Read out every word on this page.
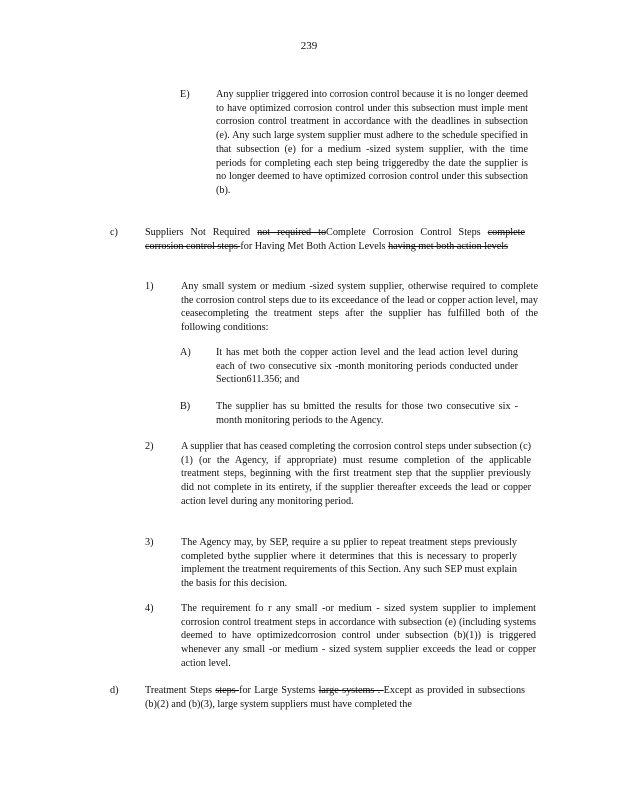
239
E)	Any supplier triggered into corrosion control because it is no longer deemed to have optimized corrosion control under this subsection must imple ment corrosion control treatment in accordance with the deadlines in subsection (e). Any such large system supplier must adhere to the schedule specified in that subsection (e) for a medium -sized system supplier, with the time periods for completing each step being triggeredby the date the supplier is no longer deemed to have optimized corrosion control under this subsection (b).
c)	Suppliers Not Required not required toComplete Corrosion Control Steps complete corrosion control steps for Having Met Both Action Levels having met both action levels
1)	Any small system or medium -sized system supplier, otherwise required to complete the corrosion control steps due to its exceedance of the lead or copper action level, may ceasecompleting the treatment steps after the supplier has fulfilled both of the following conditions:
A) It has met both the copper action level and the lead action level during each of two consecutive six -month monitoring periods conducted under Section611.356; and
B)	The supplier has su bmitted the results for those two consecutive six -month monitoring periods to the Agency.
2)	A supplier that has ceased completing the corrosion control steps under subsection (c)(1) (or the Agency, if appropriate) must resume completion of the applicable treatment steps, beginning with the first treatment step that the supplier previously did not complete in its entirety, if the supplier thereafter exceeds the lead or copper action level during any monitoring period.
3)	The Agency may, by SEP, require a su pplier to repeat treatment steps previously completed bythe supplier where it determines that this is necessary to properly implement the treatment requirements of this Section. Any such SEP must explain the basis for this decision.
4)	The requirement fo r any small -or medium - sized system supplier to implement corrosion control treatment steps in accordance with subsection (e) (including systems deemed to have optimizedcorrosion control under subsection (b)(1)) is triggered whenever any small -or medium - sized system supplier exceeds the lead or copper action level.
d)	Treatment Steps steps for Large Systems large systems . Except as provided in subsections (b)(2) and (b)(3), large system suppliers must have completed the
